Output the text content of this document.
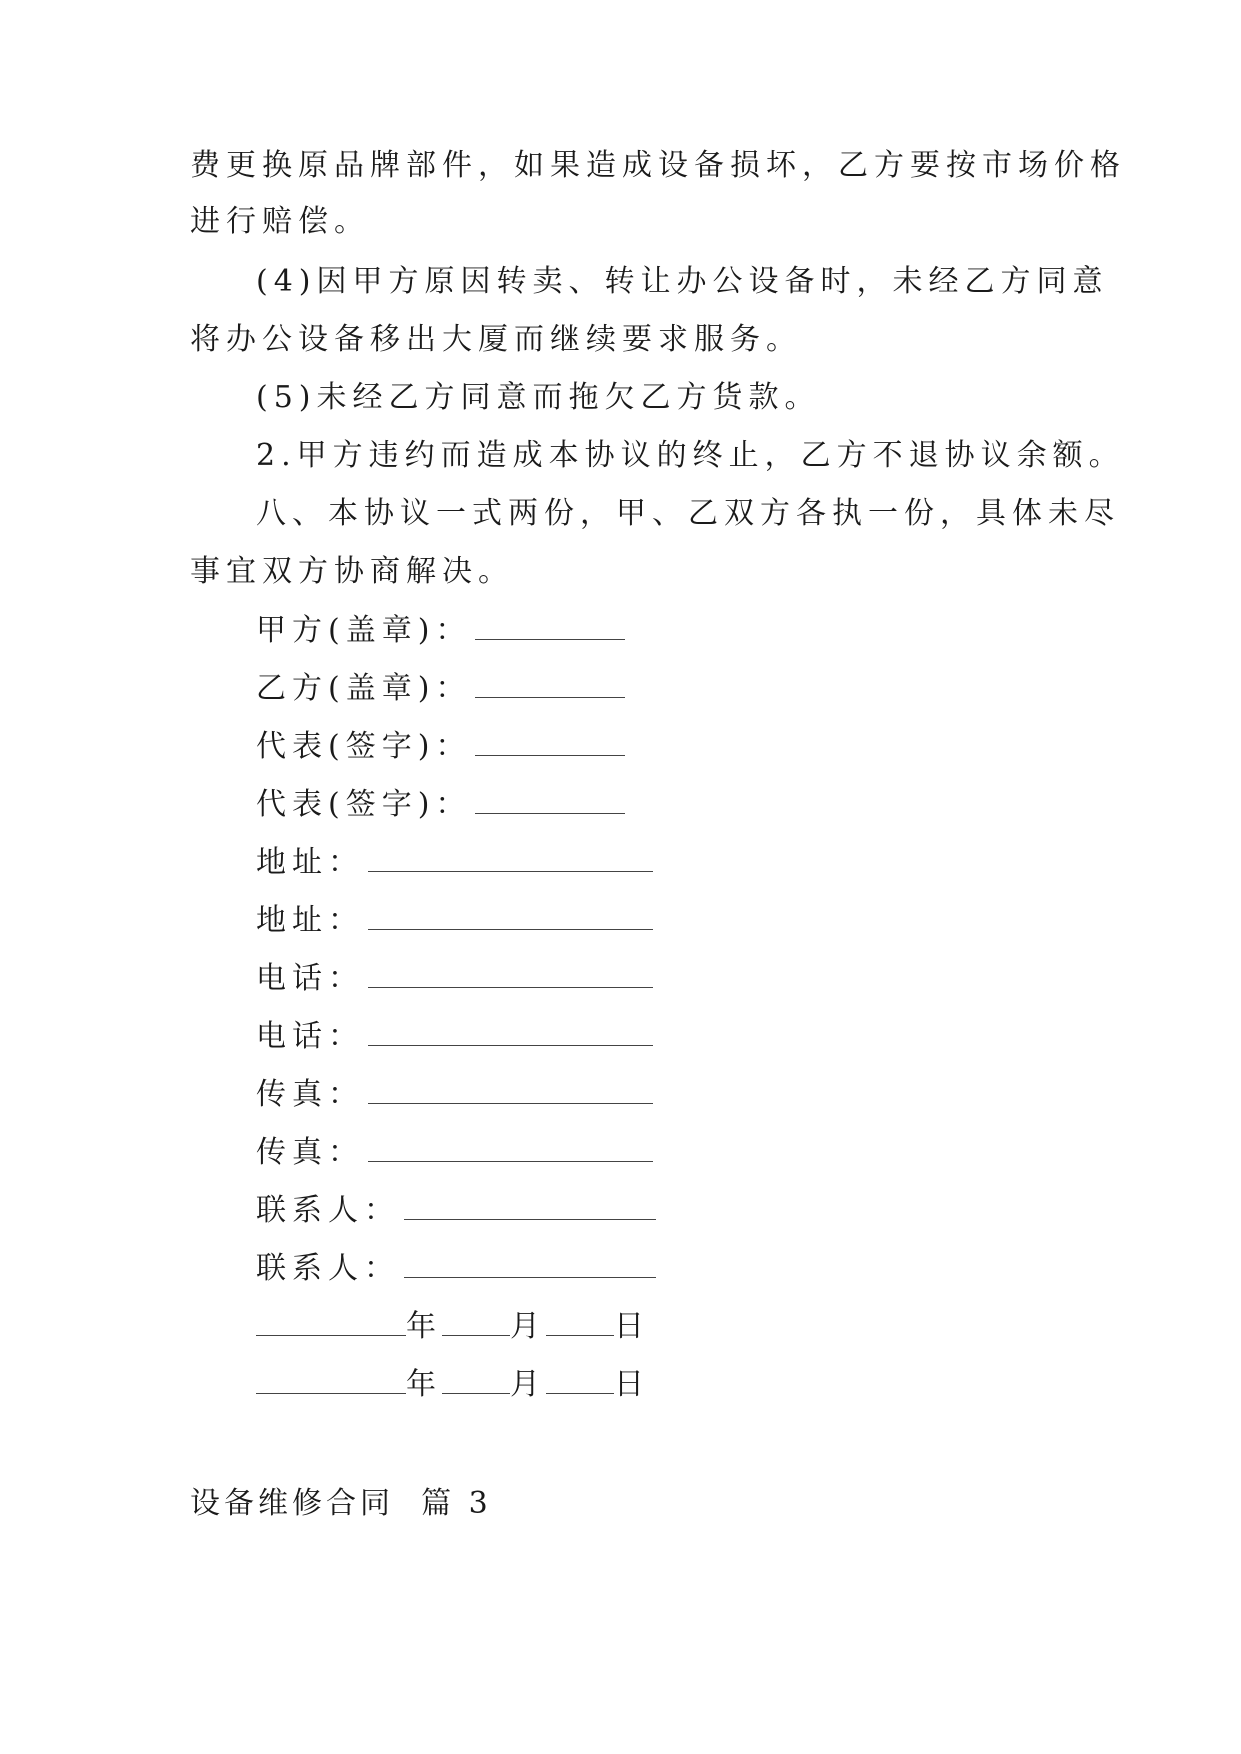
费更换原品牌部件，如果造成设备损坏，乙方要按市场价格
进行赔偿。
(4)因甲方原因转卖、转让办公设备时，未经乙方同意
将办公设备移出大厦而继续要求服务。
(5)未经乙方同意而拖欠乙方货款。
2.甲方违约而造成本协议的终止，乙方不退协议余额。
八、本协议一式两份，甲、乙双方各执一份，具体未尽
事宜双方协商解决。
甲方(盖章)：
乙方(盖章)：
代表(签字)：
代表(签字)：
地址：
地址：
电话：
电话：
传真：
传真：
联系人：
联系人：
年 月 日
年 月 日
设备维修合同  篇 3
